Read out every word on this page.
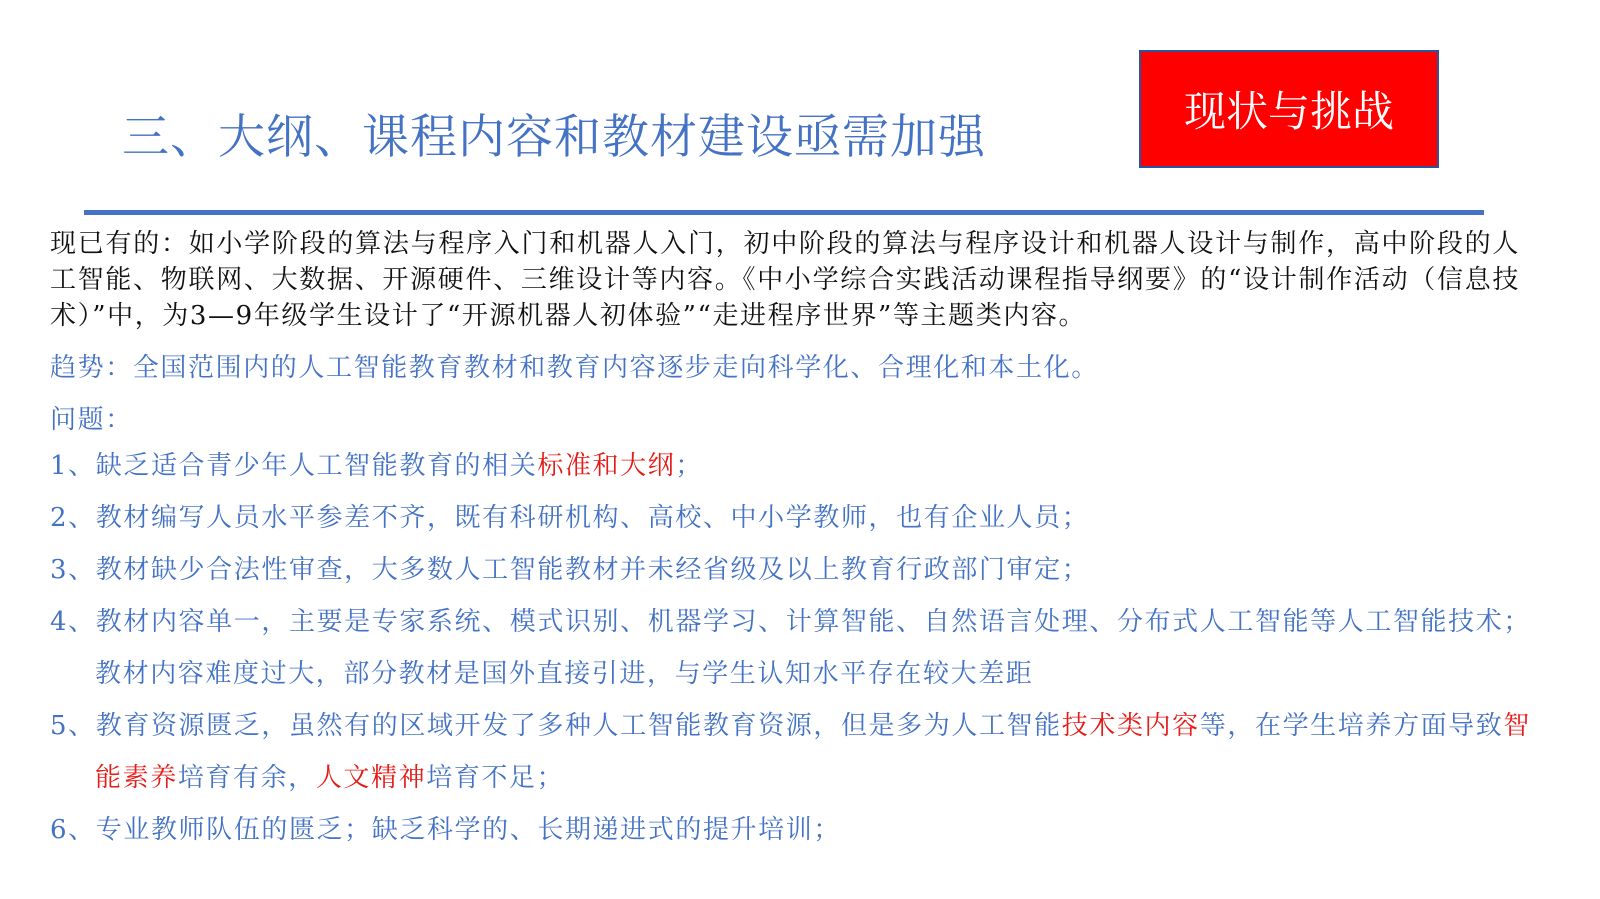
三、大纲、课程内容和教材建设亟需加强	现状与挑战

现已有的：如小学阶段的算法与程序入门和机器人入门，初中阶段的算法与程序设计和机器人设计与制作，高中阶段的人工智能、物联网、大数据、开源硬件、三维设计等内容。《中小学综合实践活动课程指导纲要》的“设计制作活动（信息技术）”中，为3—9年级学生设计了“开源机器人初体验”“走进程序世界”等主题类内容。

趋势：全国范围内的人工智能教育教材和教育内容逐步走向科学化、合理化和本土化。

问题：

1、缺乏适合青少年人工智能教育的相关标准和大纲；

2、教材编写人员水平参差不齐，既有科研机构、高校、中小学教师，也有企业人员；

3、教材缺少合法性审查，大多数人工智能教材并未经省级及以上教育行政部门审定；

4、教材内容单一，主要是专家系统、模式识别、机器学习、计算智能、自然语言处理、分布式人工智能等人工智能技术；教材内容难度过大，部分教材是国外直接引进，与学生认知水平存在较大差距

5、教育资源匮乏，虽然有的区域开发了多种人工智能教育资源，但是多为人工智能技术类内容等，在学生培养方面导致智能素养培育有余，人文精神培育不足；

6、专业教师队伍的匮乏；缺乏科学的、长期递进式的提升培训；
